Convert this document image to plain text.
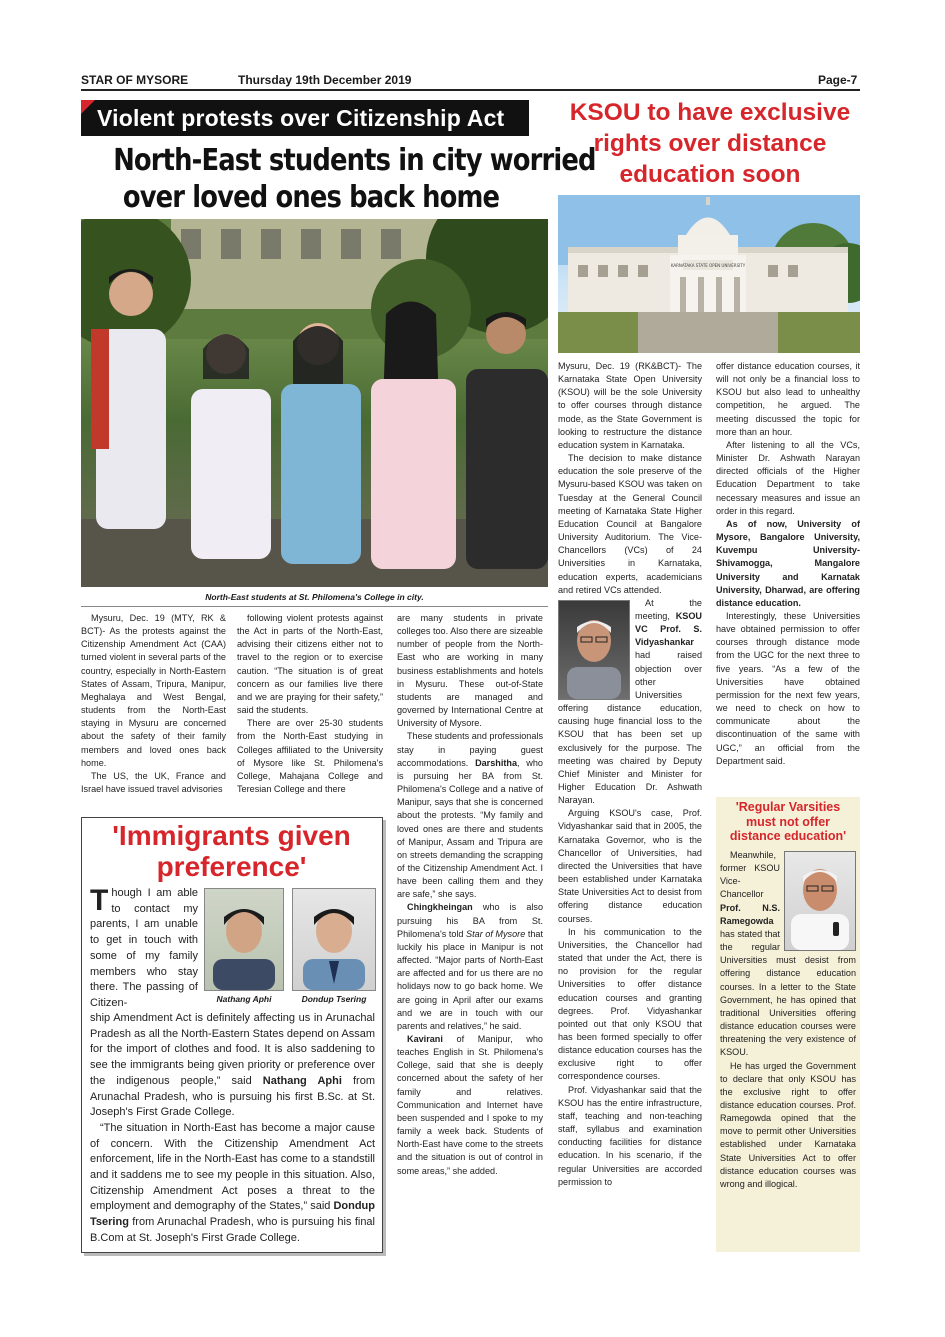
STAR OF MYSORE	Thursday 19th December 2019	Page-7
Violent protests over Citizenship Act
North-East students in city worried
over loved ones back home
North-East students at St. Philomena's College in city.

Mysuru, Dec. 19 (MTY, RK & BCT)- As the protests against the Citizenship Amendment Act (CAA) turned violent in several parts of the country, especially in North-Eastern States of Assam, Tripura, Manipur, Meghalaya and West Bengal, students from the North-East staying in Mysuru are concerned about the safety of their family members and loved ones back home.

The US, the UK, France and Israel have issued travel advisories

following violent protests against the Act in parts of the North-East, advising their citizens either not to travel to the region or to exercise caution. “The situation is of great concern as our families live there and we are praying for their safety,” said the students.

There are over 25-30 students from the North-East studying in Colleges affiliated to the University of Mysore like St. Philomena's College, Mahajana College and Teresian College and there

are many students in private colleges too. Also there are sizeable number of people from the North-East who are working in many business establishments and hotels in Mysuru. These out-of-State students are managed and governed by International Centre at University of Mysore.

These students and professionals stay in paying guest accommodations. Darshitha, who is pursuing her BA from St. Philomena's College and a native of Manipur, says that she is concerned about the protests. “My family and loved ones are there and students of Manipur, Assam and Tripura are on streets demanding the scrapping of the Citizenship Amendment Act. I have been calling them and they are safe,” she says.

Chingkheingan who is also pursuing his BA from St. Philomena's told Star of Mysore that luckily his place in Manipur is not affected. “Major parts of North-East are affected and for us there are no holidays now to go back home. We are going in April after our exams and we are in touch with our parents and relatives,” he said.

Kavirani of Manipur, who teaches English in St. Philomena's College, said that she is deeply concerned about the safety of her family and relatives. Communication and Internet have been suspended and I spoke to my family a week back. Students of North-East have come to the streets and the situation is out of control in some areas,” she added.

'Immigrants given
preference'
Nathang Aphi	Dondup Tsering
Though I am able to contact my parents, I am unable to get in touch with some of my family members who stay there. The passing of Citizen-

ship Amendment Act is definitely affecting us in Arunachal Pradesh as all the North-Eastern States depend on Assam for the import of clothes and food. It is also saddening to see the immigrants being given priority or preference over the indigenous people,” said Nathang Aphi from Arunachal Pradesh, who is pursuing his first B.Sc. at St. Joseph's First Grade College.

“The situation in North-East has become a major cause of concern. With the Citizenship Amendment Act enforcement, life in the North-East has come to a standstill and it saddens me to see my people in this situation. Also, Citizenship Amendment Act poses a threat to the employment and demography of the States,” said Dondup Tsering from Arunachal Pradesh, who is pursuing his final B.Com at St. Joseph's First Grade College.

KSOU to have exclusive
rights over distance
education soon
KARNATAKA STATE OPEN UNIVERSITY

Mysuru, Dec. 19 (RK&BCT)- The Karnataka State Open University (KSOU) will be the sole University to offer courses through distance mode, as the State Government is looking to restructure the distance education system in Karnataka.

The decision to make distance education the sole preserve of the Mysuru-based KSOU was taken on Tuesday at the General Council meeting of Karnataka State Higher Education Council at Bangalore University Auditorium. The Vice-Chancellors (VCs) of 24 Universities in Karnataka, education experts, academicians and retired VCs attended.

At the meeting, KSOU VC Prof. S. Vidyashankar had raised objection over other Universities offering distance education, causing huge financial loss to the KSOU that has been set up exclusively for the purpose. The meeting was chaired by Deputy Chief Minister and Minister for Higher Education Dr. Ashwath Narayan.

Arguing KSOU's case, Prof. Vidyashankar said that in 2005, the Karnataka Governor, who is the Chancellor of Universities, had directed the Universities that have been established under Karnataka State Universities Act to desist from offering distance education courses.

In his communication to the Universities, the Chancellor had stated that under the Act, there is no provision for the regular Universities to offer distance education courses and granting degrees. Prof. Vidyashankar pointed out that only KSOU that has been formed specially to offer distance education courses has the exclusive right to offer correspondence courses.

Prof. Vidyashankar said that the KSOU has the entire infrastructure, staff, teaching and non-teaching staff, syllabus and examination conducting facilities for distance education. In his scenario, if the regular Universities are accorded permission to

offer distance education courses, it will not only be a financial loss to KSOU but also lead to unhealthy competition, he argued. The meeting discussed the topic for more than an hour.

After listening to all the VCs, Minister Dr. Ashwath Narayan directed officials of the Higher Education Department to take necessary measures and issue an order in this regard.

As of now, University of Mysore, Bangalore University, Kuvempu University-Shivamogga, Mangalore University and Karnatak University, Dharwad, are offering distance education.

Interestingly, these Universities have obtained permission to offer courses through distance mode from the UGC for the next three to five years. “As a few of the Universities have obtained permission for the next few years, we need to check on how to communicate about the discontinuation of the same with UGC,” an official from the Department said.

'Regular Varsities
must not offer
distance education'

Meanwhile, former KSOU Vice-Chancellor Prof. N.S. Ramegowda has stated that the regular Universities must desist from offering distance education courses. In a letter to the State Government, he has opined that traditional Universities offering distance education courses were threatening the very existence of KSOU.

He has urged the Government to declare that only KSOU has the exclusive right to offer distance education courses. Prof. Ramegowda opined that the move to permit other Universities established under Karnataka State Universities Act to offer distance education courses was wrong and illogical.
